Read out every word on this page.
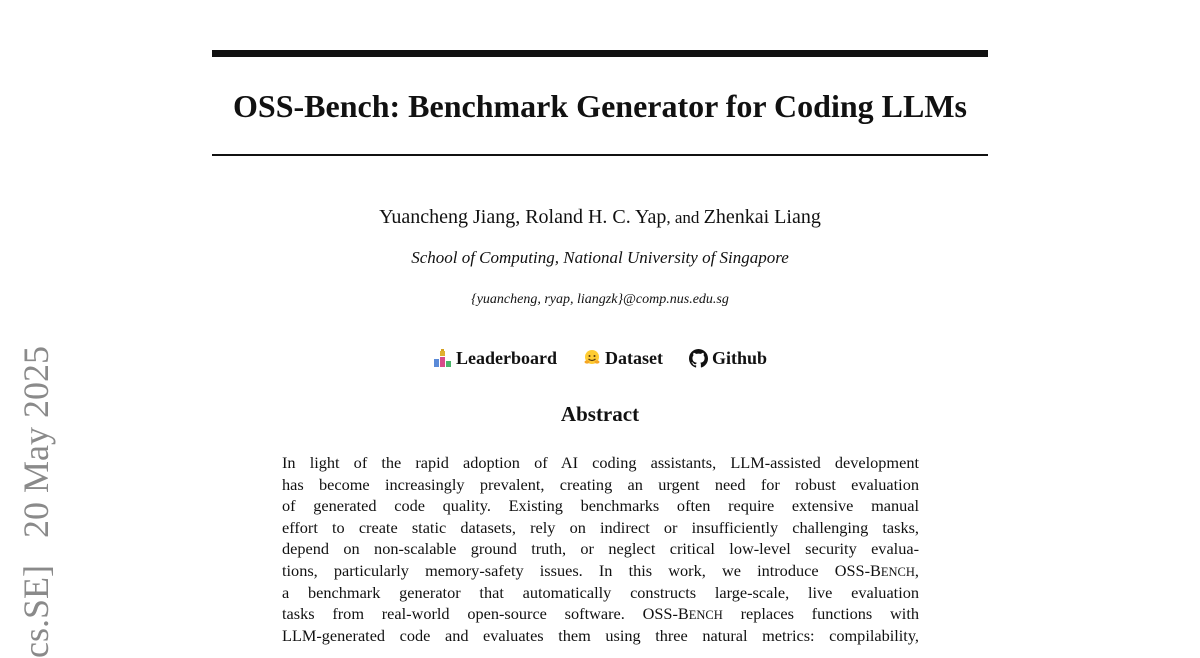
OSS-Bench: Benchmark Generator for Coding LLMs
Yuancheng Jiang, Roland H. C. Yap, and Zhenkai Liang
School of Computing, National University of Singapore
{yuancheng, ryap, liangzk}@comp.nus.edu.sg
Leaderboard	Dataset	Github
Abstract
In light of the rapid adoption of AI coding assistants, LLM-assisted development
has become increasingly prevalent, creating an urgent need for robust evaluation
of generated code quality. Existing benchmarks often require extensive manual
effort to create static datasets, rely on indirect or insufficiently challenging tasks,
depend on non-scalable ground truth, or neglect critical low-level security evalua-
tions, particularly memory-safety issues. In this work, we introduce OSS-BENCH,
a benchmark generator that automatically constructs large-scale, live evaluation
tasks from real-world open-source software. OSS-BENCH replaces functions with
LLM-generated code and evaluates them using three natural metrics: compilability,
cs.SE]   20 May 2025
